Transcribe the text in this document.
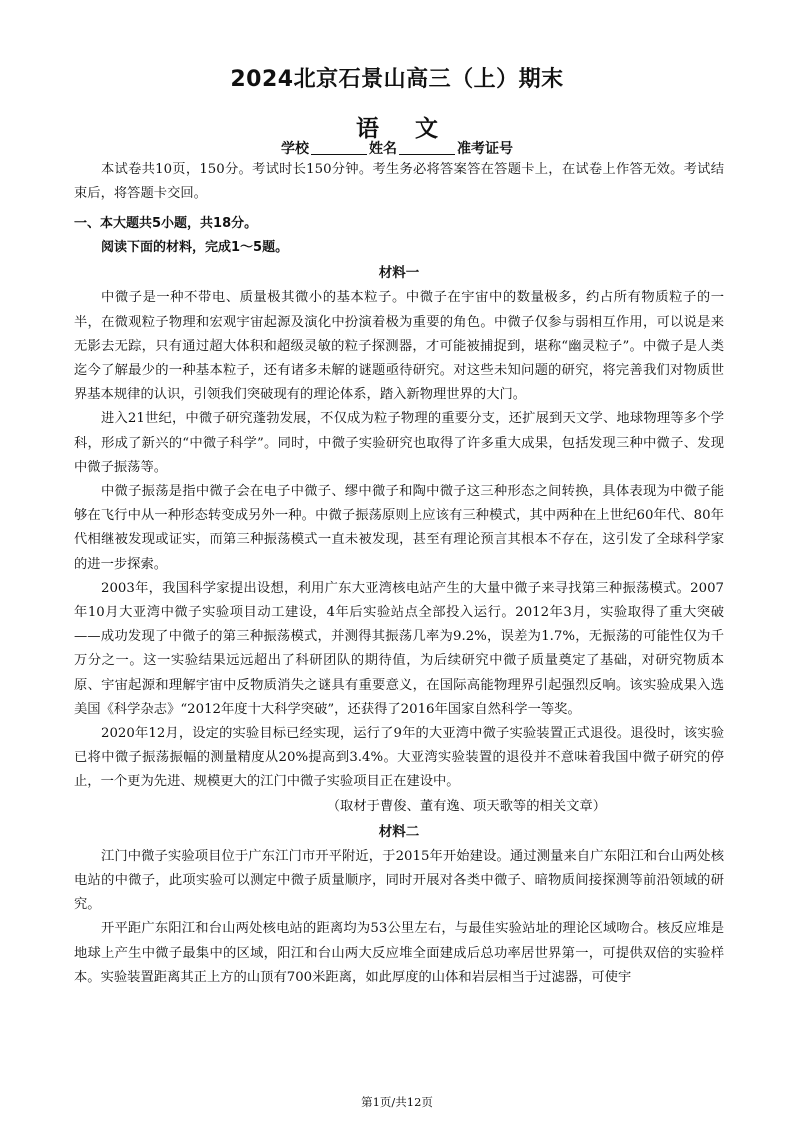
2024北京石景山高三（上）期末
语 文
学校	姓名	准考证号

本试卷共10页，150分。考试时长150分钟。考生务必将答案答在答题卡上，在试卷上作答无效。考试结束后，将答题卡交回。

一、本大题共5小题，共18分。

阅读下面的材料，完成1～5题。

材料一

中微子是一种不带电、质量极其微小的基本粒子。中微子在宇宙中的数量极多，约占所有物质粒子的一半，在微观粒子物理和宏观宇宙起源及演化中扮演着极为重要的角色。中微子仅参与弱相互作用，可以说是来无影去无踪，只有通过超大体积和超级灵敏的粒子探测器，才可能被捕捉到，堪称“幽灵粒子”。中微子是人类迄今了解最少的一种基本粒子，还有诸多未解的谜题亟待研究。对这些未知问题的研究，将完善我们对物质世界基本规律的认识，引领我们突破现有的理论体系，踏入新物理世界的大门。

进入21世纪，中微子研究蓬勃发展，不仅成为粒子物理的重要分支，还扩展到天文学、地球物理等多个学科，形成了新兴的“中微子科学”。同时，中微子实验研究也取得了许多重大成果，包括发现三种中微子、发现中微子振荡等。

中微子振荡是指中微子会在电子中微子、缪中微子和陶中微子这三种形态之间转换，具体表现为中微子能够在飞行中从一种形态转变成另外一种。中微子振荡原则上应该有三种模式，其中两种在上世纪60年代、80年代相继被发现或证实，而第三种振荡模式一直未被发现，甚至有理论预言其根本不存在，这引发了全球科学家的进一步探索。

2003年，我国科学家提出设想，利用广东大亚湾核电站产生的大量中微子来寻找第三种振荡模式。2007年10月大亚湾中微子实验项目动工建设，4年后实验站点全部投入运行。2012年3月，实验取得了重大突破——成功发现了中微子的第三种振荡模式，并测得其振荡几率为9.2%，误差为1.7%，无振荡的可能性仅为千万分之一。这一实验结果远远超出了科研团队的期待值，为后续研究中微子质量奠定了基础，对研究物质本原、宇宙起源和理解宇宙中反物质消失之谜具有重要意义，在国际高能物理界引起强烈反响。该实验成果入选美国《科学杂志》“2012年度十大科学突破”，还获得了2016年国家自然科学一等奖。

2020年12月，设定的实验目标已经实现，运行了9年的大亚湾中微子实验装置正式退役。退役时，该实验已将中微子振荡振幅的测量精度从20%提高到3.4%。大亚湾实验装置的退役并不意味着我国中微子研究的停止，一个更为先进、规模更大的江门中微子实验项目正在建设中。

（取材于曹俊、董有逸、项天歌等的相关文章）

材料二

江门中微子实验项目位于广东江门市开平附近，于2015年开始建设。通过测量来自广东阳江和台山两处核电站的中微子，此项实验可以测定中微子质量顺序，同时开展对各类中微子、暗物质间接探测等前沿领域的研究。

开平距广东阳江和台山两处核电站的距离均为53公里左右，与最佳实验站址的理论区域吻合。核反应堆是地球上产生中微子最集中的区域，阳江和台山两大反应堆全面建成后总功率居世界第一，可提供双倍的实验样本。实验装置距离其正上方的山顶有700米距离，如此厚度的山体和岩层相当于过滤器，可使宇

第1页/共12页
